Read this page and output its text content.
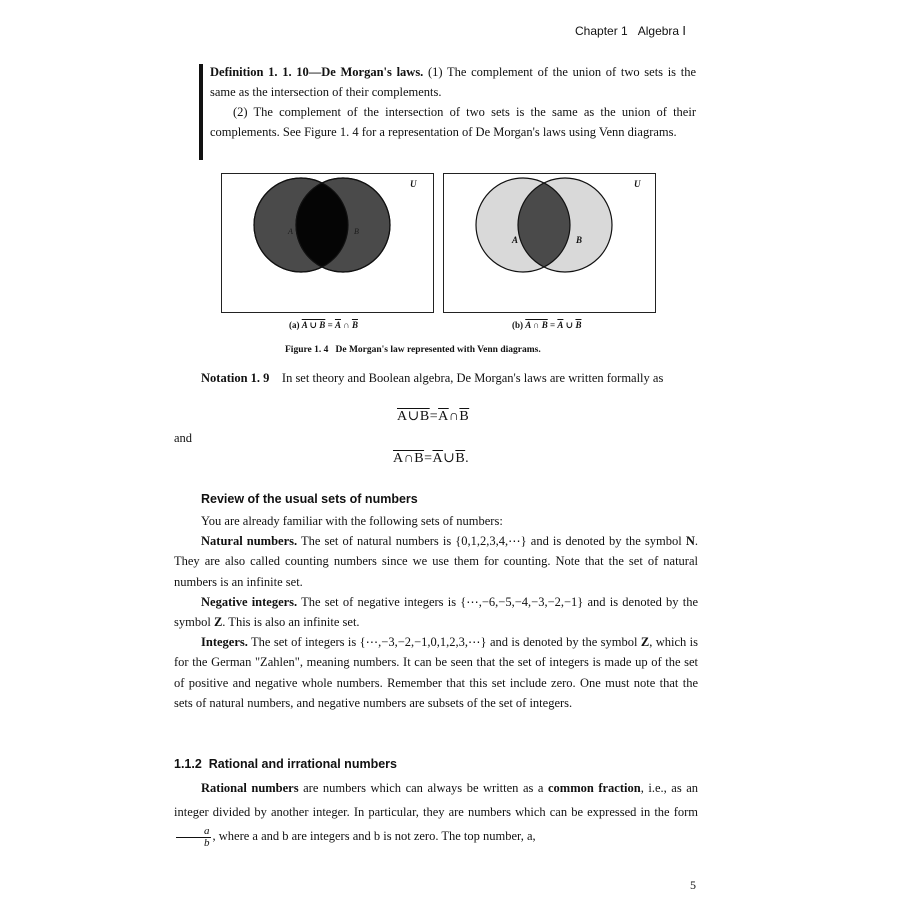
Chapter 1 Algebra Ⅰ
Definition 1. 1. 10—De Morgan's laws. (1) The complement of the union of two sets is the same as the intersection of their complements.
(2) The complement of the intersection of two sets is the same as the union of their complements. See Figure 1. 4 for a representation of De Morgan's laws using Venn diagrams.
U
A	B
U
A	B
(a) A ∪ $B = \overline{A}$ ∩ $\overline{B}$	(b) A ∩ $B = \overline{A}$ ∪ $\overline{B}$
Figure 1. 4   De Morgan's law represented with Venn diagrams.
Notation 1. 9 In set theory and Boolean algebra, De Morgan's laws are written formally as
$A\cup B=\overline{A}\cap\overline{B}$
and
$A\cap B=\overline{A}\cup\overline{B}$.
Review of the usual sets of numbers
You are already familiar with the following sets of numbers:
Natural numbers. The set of natural numbers is {0,1,2,3,4,⋯} and is denoted by the symbol N. They are also called counting numbers since we use them for counting. Note that the set of natural numbers is an infinite set.
Negative integers. The set of negative integers is {⋯,−6,−5,−4,−3,−2,−1} and is denoted by the symbol Z. This is also an infinite set.
Integers. The set of integers is {⋯,−3,−2,−1,0,1,2,3,⋯} and is denoted by the symbol Z, which is for the German "Zahlen", meaning numbers. It can be seen that the set of integers is made up of the set of positive and negative whole numbers. Remember that this set include zero. One must note that the sets of natural numbers, and negative numbers are subsets of the set of integers.
1.1.2  Rational and irrational numbers
Rational numbers are numbers which can always be written as a common fraction, i.e., as an integer divided by another integer. In particular, they are numbers which can be expressed in the form
$\frac{a}{b}$ , where a and b are integers and b is not zero. The top number, a,
5
